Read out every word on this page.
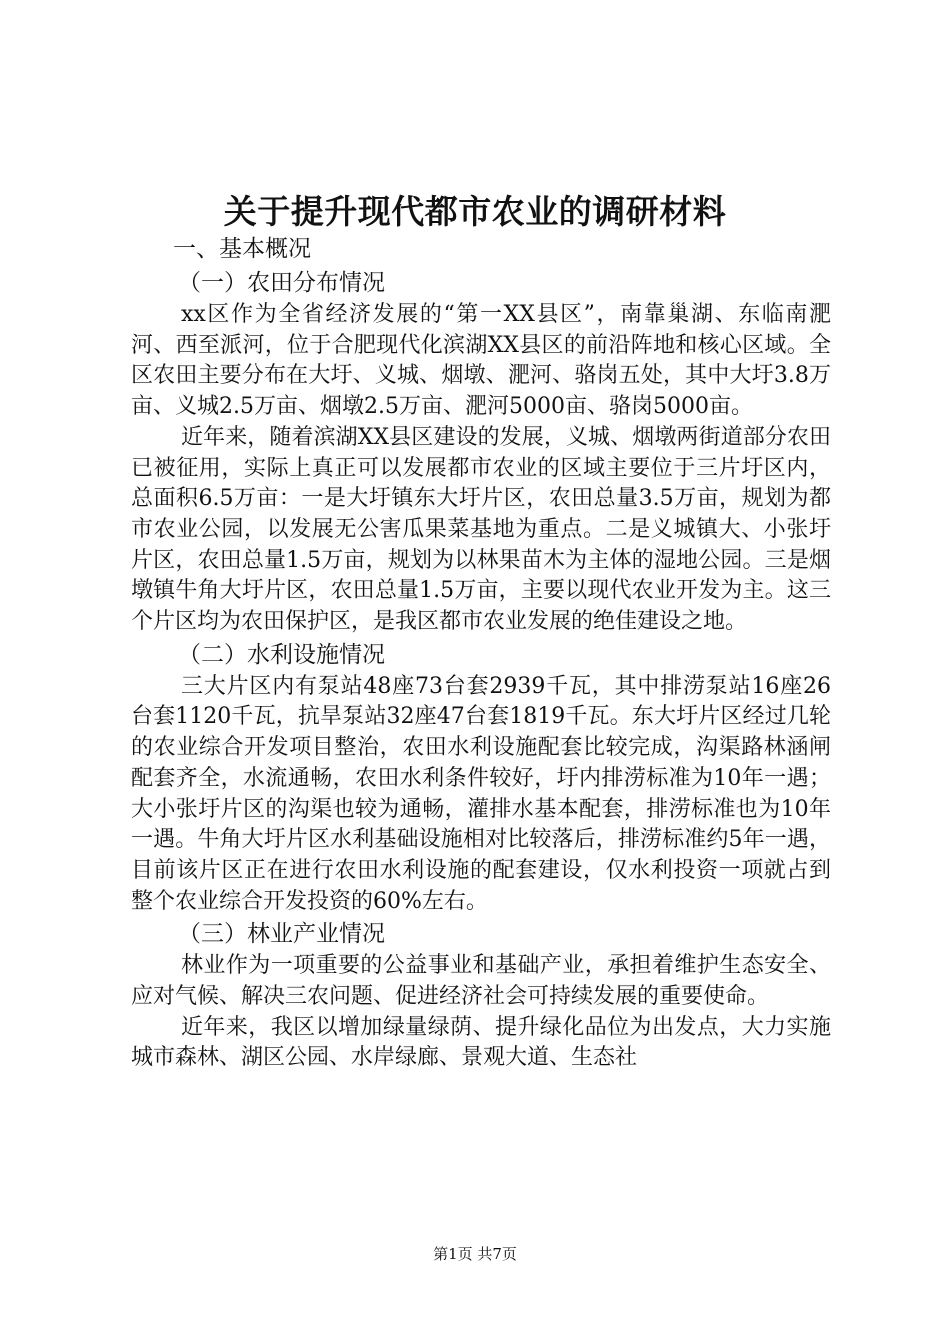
关于提升现代都市农业的调研材料

一、基本概况

（一）农田分布情况

xx区作为全省经济发展的“第一XX县区”，南靠巢湖、东临南淝河、西至派河，位于合肥现代化滨湖XX县区的前沿阵地和核心区域。全区农田主要分布在大圩、义城、烟墩、淝河、骆岗五处，其中大圩3.8万亩、义城2.5万亩、烟墩2.5万亩、淝河5000亩、骆岗5000亩。

近年来，随着滨湖XX县区建设的发展，义城、烟墩两街道部分农田已被征用，实际上真正可以发展都市农业的区域主要位于三片圩区内，总面积6.5万亩：一是大圩镇东大圩片区，农田总量3.5万亩，规划为都市农业公园，以发展无公害瓜果菜基地为重点。二是义城镇大、小张圩片区，农田总量1.5万亩，规划为以林果苗木为主体的湿地公园。三是烟墩镇牛角大圩片区，农田总量1.5万亩，主要以现代农业开发为主。这三个片区均为农田保护区，是我区都市农业发展的绝佳建设之地。

（二）水利设施情况

三大片区内有泵站48座73台套2939千瓦，其中排涝泵站16座26台套1120千瓦，抗旱泵站32座47台套1819千瓦。东大圩片区经过几轮的农业综合开发项目整治，农田水利设施配套比较完成，沟渠路林涵闸配套齐全，水流通畅，农田水利条件较好，圩内排涝标准为10年一遇；大小张圩片区的沟渠也较为通畅，灌排水基本配套，排涝标准也为10年一遇。牛角大圩片区水利基础设施相对比较落后，排涝标准约5年一遇，目前该片区正在进行农田水利设施的配套建设，仅水利投资一项就占到整个农业综合开发投资的60%左右。

（三）林业产业情况

林业作为一项重要的公益事业和基础产业，承担着维护生态安全、应对气候、解决三农问题、促进经济社会可持续发展的重要使命。

近年来，我区以增加绿量绿荫、提升绿化品位为出发点，大力实施城市森林、湖区公园、水岸绿廊、景观大道、生态社

第1页 共7页
